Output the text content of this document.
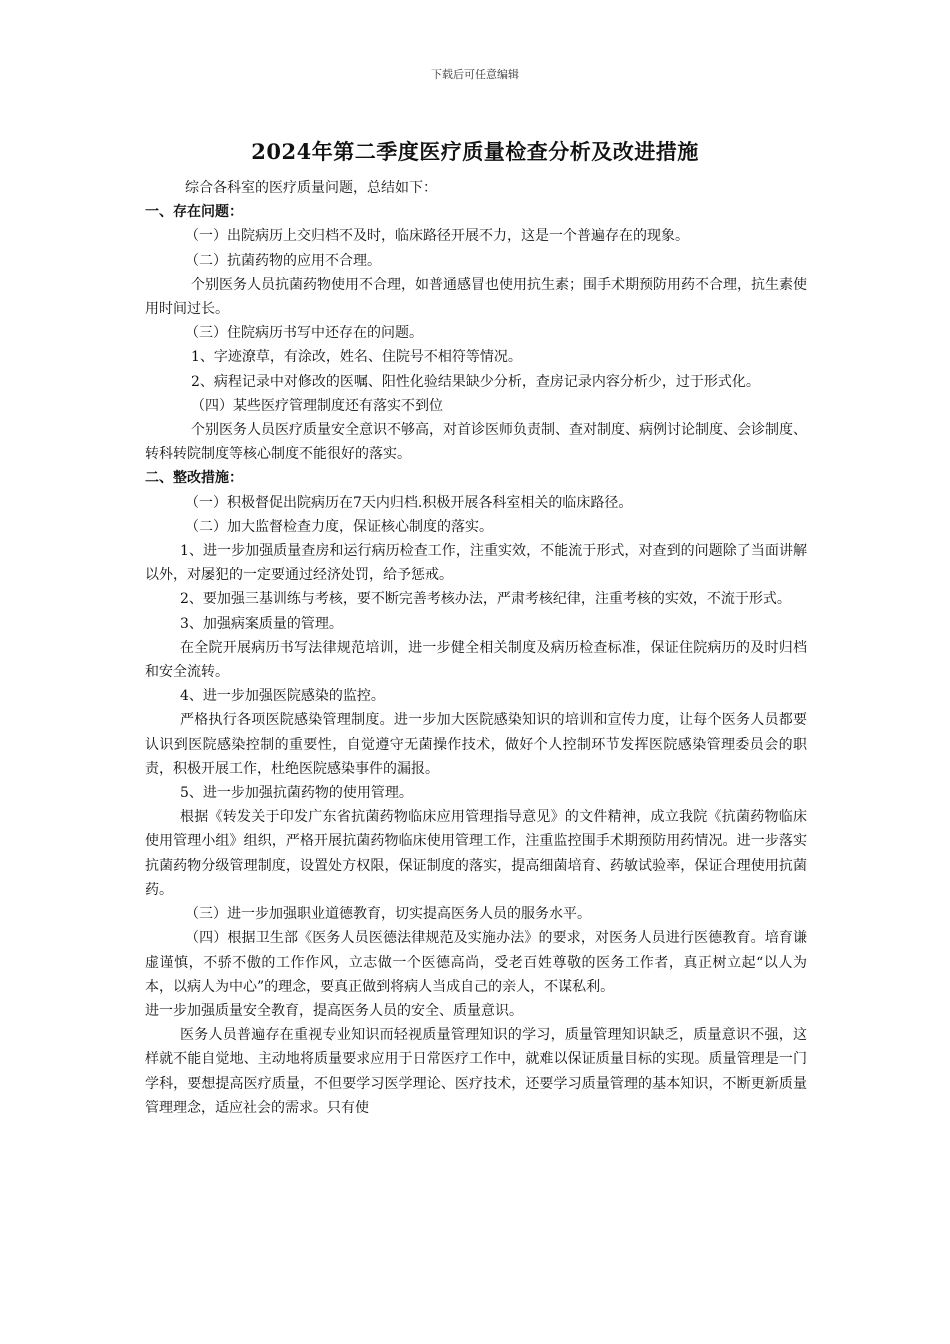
下载后可任意编辑
2024年第二季度医疗质量检查分析及改进措施

综合各科室的医疗质量问题，总结如下：

一、存在问题：

（一）出院病历上交归档不及时，临床路径开展不力，这是一个普遍存在的现象。

（二）抗菌药物的应用不合理。

个别医务人员抗菌药物使用不合理，如普通感冒也使用抗生素；围手术期预防用药不合理，抗生素使用时间过长。

（三）住院病历书写中还存在的问题。

1、字迹潦草，有涂改，姓名、住院号不相符等情况。

2、病程记录中对修改的医嘱、阳性化验结果缺少分析，查房记录内容分析少，过于形式化。

（四）某些医疗管理制度还有落实不到位

个别医务人员医疗质量安全意识不够高，对首诊医师负责制、查对制度、病例讨论制度、会诊制度、转科转院制度等核心制度不能很好的落实。

二、整改措施：

（一）积极督促出院病历在7天内归档.积极开展各科室相关的临床路径。

（二）加大监督检查力度，保证核心制度的落实。

1、进一步加强质量查房和运行病历检查工作，注重实效，不能流于形式，对查到的问题除了当面讲解以外，对屡犯的一定要通过经济处罚，给予惩戒。

2、要加强三基训练与考核，要不断完善考核办法，严肃考核纪律，注重考核的实效，不流于形式。

3、加强病案质量的管理。

在全院开展病历书写法律规范培训，进一步健全相关制度及病历检查标准，保证住院病历的及时归档和安全流转。

4、进一步加强医院感染的监控。

严格执行各项医院感染管理制度。进一步加大医院感染知识的培训和宣传力度，让每个医务人员都要认识到医院感染控制的重要性，自觉遵守无菌操作技术，做好个人控制环节发挥医院感染管理委员会的职责，积极开展工作，杜绝医院感染事件的漏报。

5、进一步加强抗菌药物的使用管理。

根据《转发关于印发广东省抗菌药物临床应用管理指导意见》的文件精神，成立我院《抗菌药物临床使用管理小组》组织，严格开展抗菌药物临床使用管理工作，注重监控围手术期预防用药情况。进一步落实抗菌药物分级管理制度，设置处方权限，保证制度的落实，提高细菌培育、药敏试验率，保证合理使用抗菌药。

（三）进一步加强职业道德教育，切实提高医务人员的服务水平。

（四）根据卫生部《医务人员医德法律规范及实施办法》的要求，对医务人员进行医德教育。培育谦虚谨慎，不骄不傲的工作作风，立志做一个医德高尚，受老百姓尊敬的医务工作者，真正树立起“以人为本，以病人为中心”的理念，要真正做到将病人当成自己的亲人，不谋私利。

进一步加强质量安全教育，提高医务人员的安全、质量意识。

医务人员普遍存在重视专业知识而轻视质量管理知识的学习，质量管理知识缺乏，质量意识不强，这样就不能自觉地、主动地将质量要求应用于日常医疗工作中，就难以保证质量目标的实现。质量管理是一门学科，要想提高医疗质量，不但要学习医学理论、医疗技术，还要学习质量管理的基本知识，不断更新质量管理理念，适应社会的需求。只有使
